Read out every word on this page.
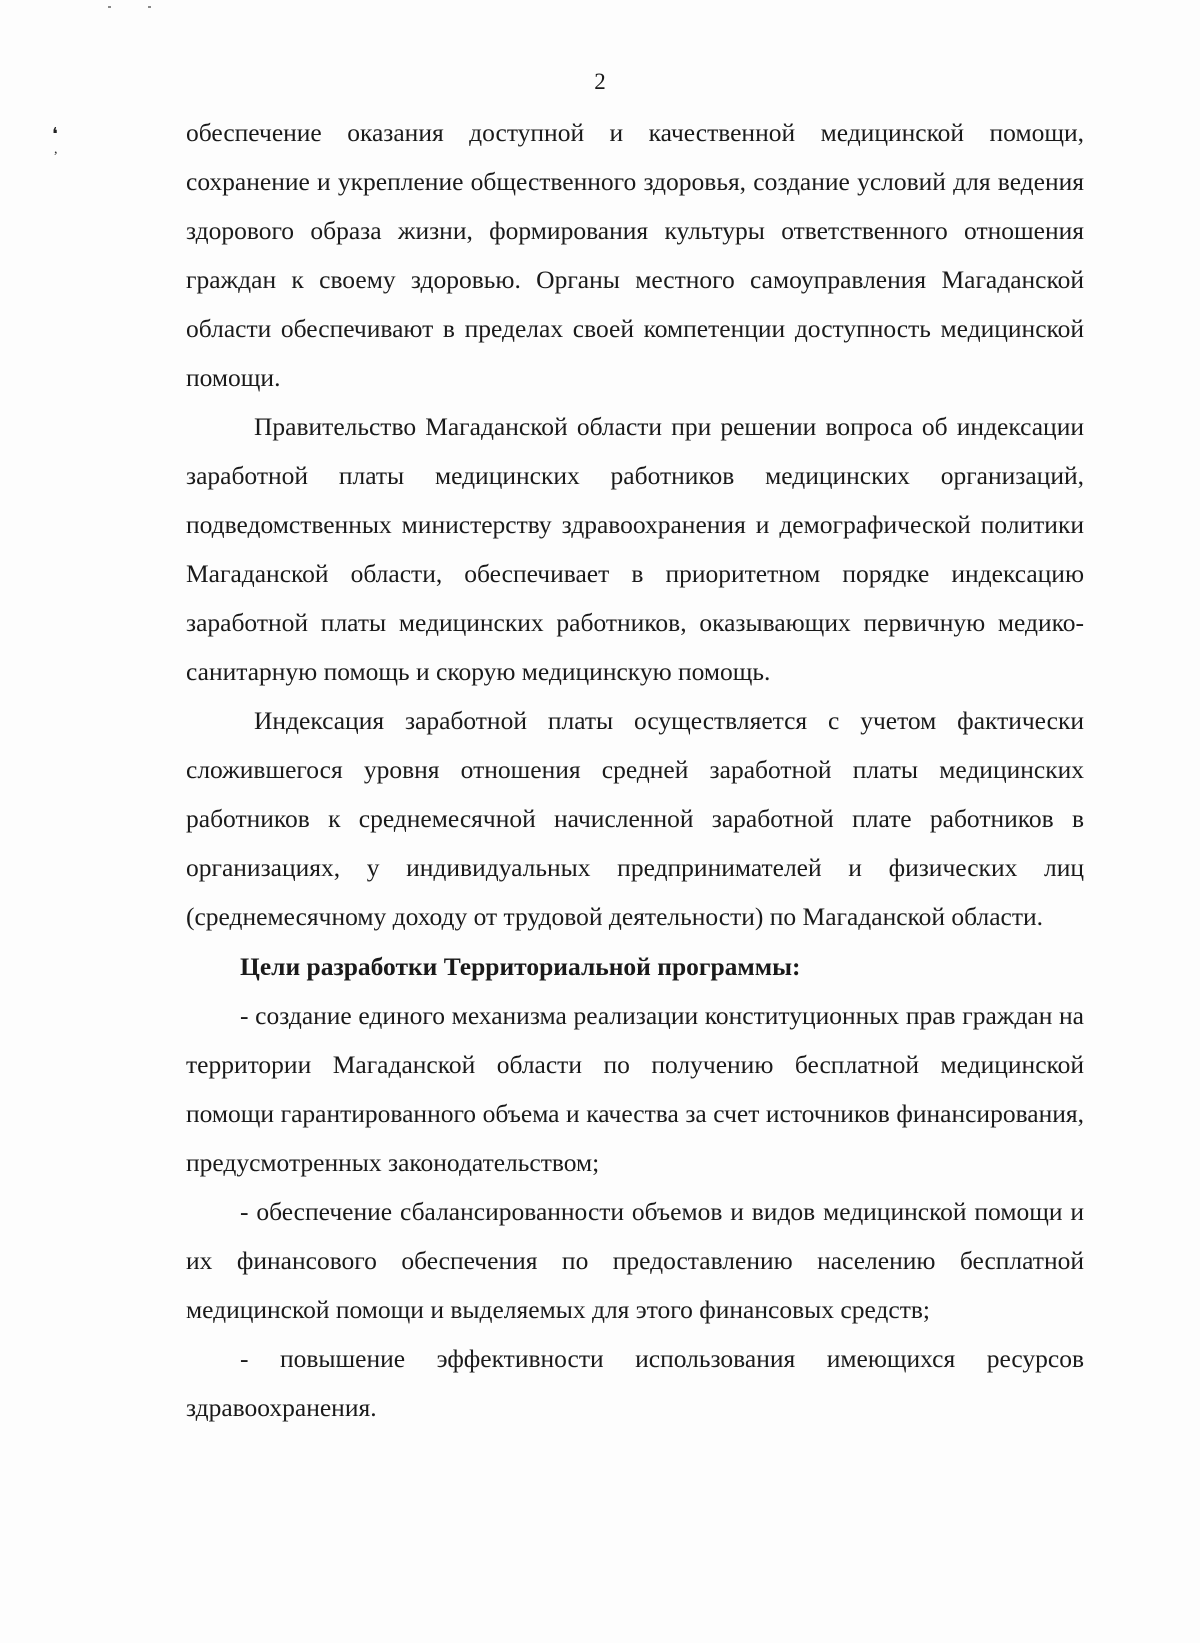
❛
,
2

обеспечение оказания доступной и качественной медицинской помощи, сохранение и укрепление общественного здоровья, создание условий для ведения здорового образа жизни, формирования культуры ответственного отношения граждан к своему здоровью. Органы местного самоуправления Магаданской области обеспечивают в пределах своей компетенции доступность медицинской помощи.

Правительство Магаданской области при решении вопроса об индексации заработной платы медицинских работников медицинских организаций, подведомственных министерству здравоохранения и демографической политики Магаданской области, обеспечивает в приоритетном порядке индексацию заработной платы медицинских работников, оказывающих первичную медико-санитарную помощь и скорую медицинскую помощь.

Индексация заработной платы осуществляется с учетом фактически сложившегося уровня отношения средней заработной платы медицинских работников к среднемесячной начисленной заработной плате работников в организациях, у индивидуальных предпринимателей и физических лиц (среднемесячному доходу от трудовой деятельности) по Магаданской области.

Цели разработки Территориальной программы:

- создание единого механизма реализации конституционных прав граждан на территории Магаданской области по получению бесплатной медицинской помощи гарантированного объема и качества за счет источников финансирования, предусмотренных законодательством;

- обеспечение сбалансированности объемов и видов медицинской помощи и их финансового обеспечения по предоставлению населению бесплатной медицинской помощи и выделяемых для этого финансовых средств;

- повышение эффективности использования имеющихся ресурсов здравоохранения.
